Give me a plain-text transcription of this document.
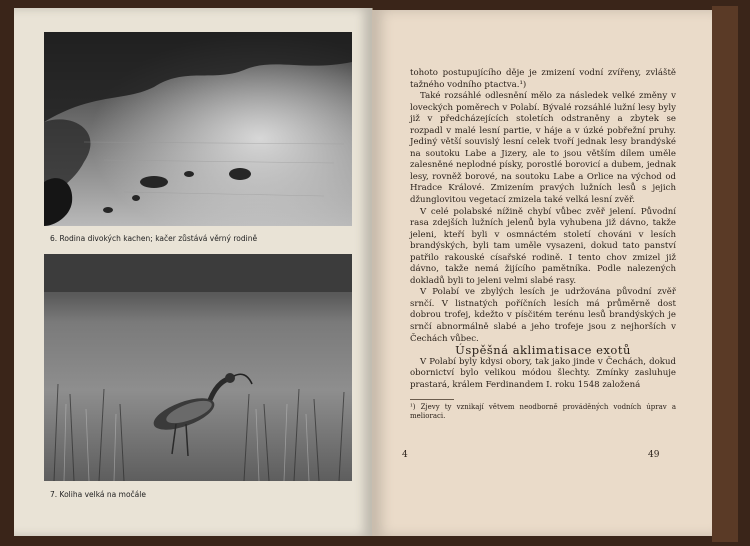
6. Rodina divokých kachen; kačer zůstává věrný rodině
7. Koliha velká na močále

tohoto postupujícího děje je zmizení vodní zvířeny, zvláště tažného vodního ptactva.¹)

Také rozsáhlé odlesnění mělo za následek velké změny v loveckých poměrech v Polabí. Bývalé rozsáhlé lužní lesy byly již v předcházejících stoletích odstraněny a zbytek se rozpadl v malé lesní partie, v háje a v úzké pobřežní pruhy. Jediný větší souvislý lesní celek tvoří jednak lesy brandýské na soutoku Labe a Jizery, ale to jsou větším dílem uměle zalesněné neplodné písky, porostlé borovicí a dubem, jednak lesy, rovněž borové, na soutoku Labe a Orlice na východ od Hradce Králové. Zmizením pravých lužních lesů s jejich džunglovitou vegetací zmizela také velká lesní zvěř.

V celé polabské nížině chybí vůbec zvěř jelení. Původní rasa zdejších lužních jelenů byla vyhubena již dávno, takže jeleni, kteří byli v osmnáctém století chováni v lesích brandýských, byli tam uměle vysazeni, dokud tato panství patřilo rakouské císařské rodině. I tento chov zmizel již dávno, takže nemá žijícího pamětníka. Podle nalezených dokladů byli to jeleni velmi slabé rasy.

V Polabí ve zbylých lesích je udržována původní zvěř srnčí. V listnatých poříčních lesích má průměrně dost dobrou trofej, kdežto v písčitém terénu lesů brandýských je srnčí abnormálně slabé a jeho trofeje jsou z nejhorších v Čechách vůbec.

Úspěšná aklimatisace exotů

V Polabí byly kdysi obory, tak jako jinde v Čechách, dokud obornictví bylo velikou módou šlechty. Zmínky zasluhuje prastará, králem Ferdinandem I. roku 1548 založená

¹) Zjevy ty vznikají větvem neodborně prováděných vodních úprav a melioraci.

4	49
